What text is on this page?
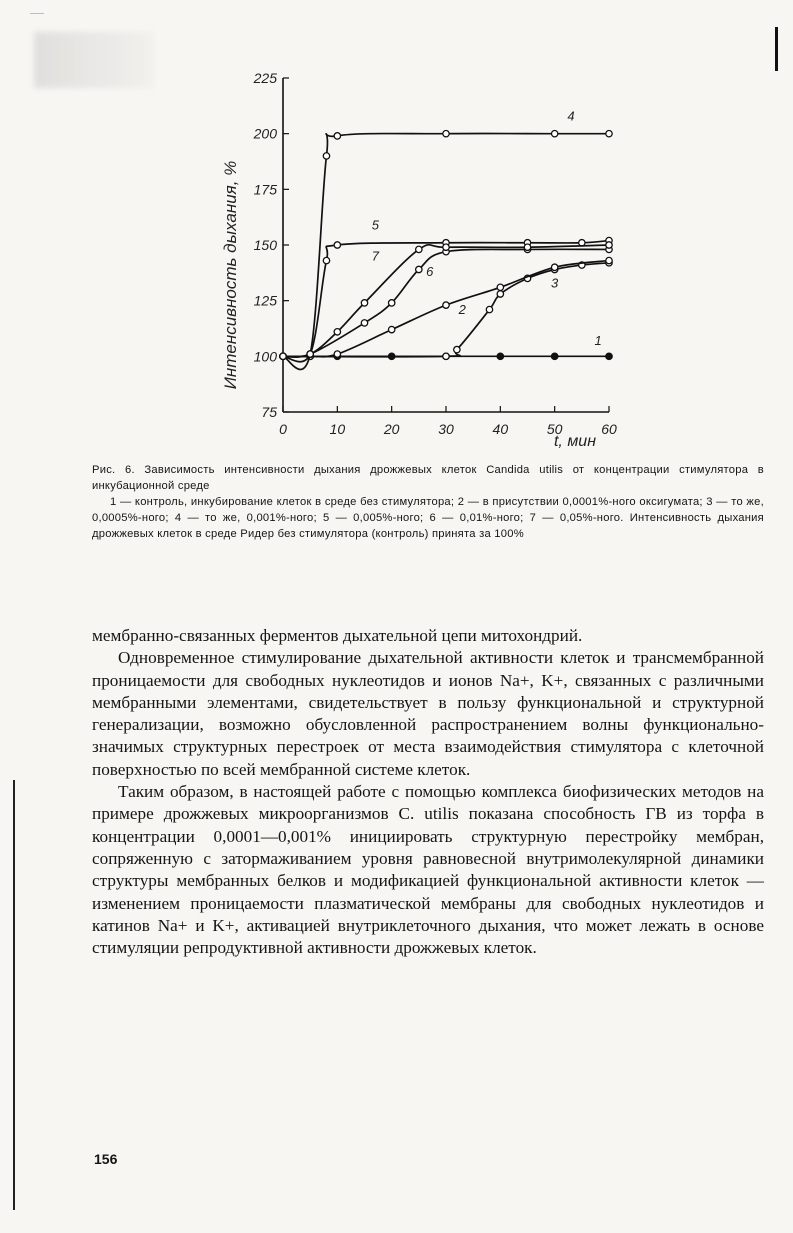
75
100
125
150
175
200
225
0	10	20	30	40	50	60
1
2
3
4
5
6
7
Интенсивность дыхания, %
t, мин

Рис. 6. Зависимость интенсивности дыхания дрожжевых клеток Candida utilis от концентрации стимулятора в инкубационной среде

1 — контроль, инкубирование клеток в среде без стимулятора; 2 — в присутствии 0,0001%-ного оксигумата; 3 — то же, 0,0005%-ного; 4 — то же, 0,001%-ного; 5 — 0,005%-ного; 6 — 0,01%-ного; 7 — 0,05%-ного. Интенсивность дыхания дрожжевых клеток в среде Ридер без стимулятора (контроль) принята за 100%

мембранно-связанных ферментов дыхательной цепи митохондрий.

Одновременное стимулирование дыхательной активности клеток и трансмембранной проницаемости для свободных нуклеотидов и ионов Na+, K+, связанных с различными мембранными элементами, свидетельствует в пользу функциональной и структурной генерализации, возможно обусловленной распространением волны функционально-значимых структурных перестроек от места взаимодействия стимулятора с клеточной поверхностью по всей мембранной системе клеток.

Таким образом, в настоящей работе с помощью комплекса биофизических методов на примере дрожжевых микроорганизмов C. utilis показана способность ГВ из торфа в концентрации 0,0001—0,001% инициировать структурную перестройку мембран, сопряженную с затормаживанием уровня равновесной внутримолекулярной динамики структуры мембранных белков и модификацией функциональной активности клеток — изменением проницаемости плазматической мембраны для свободных нуклеотидов и катинов Na+ и K+, активацией внутриклеточного дыхания, что может лежать в основе стимуляции репродуктивной активности дрожжевых клеток.

156
